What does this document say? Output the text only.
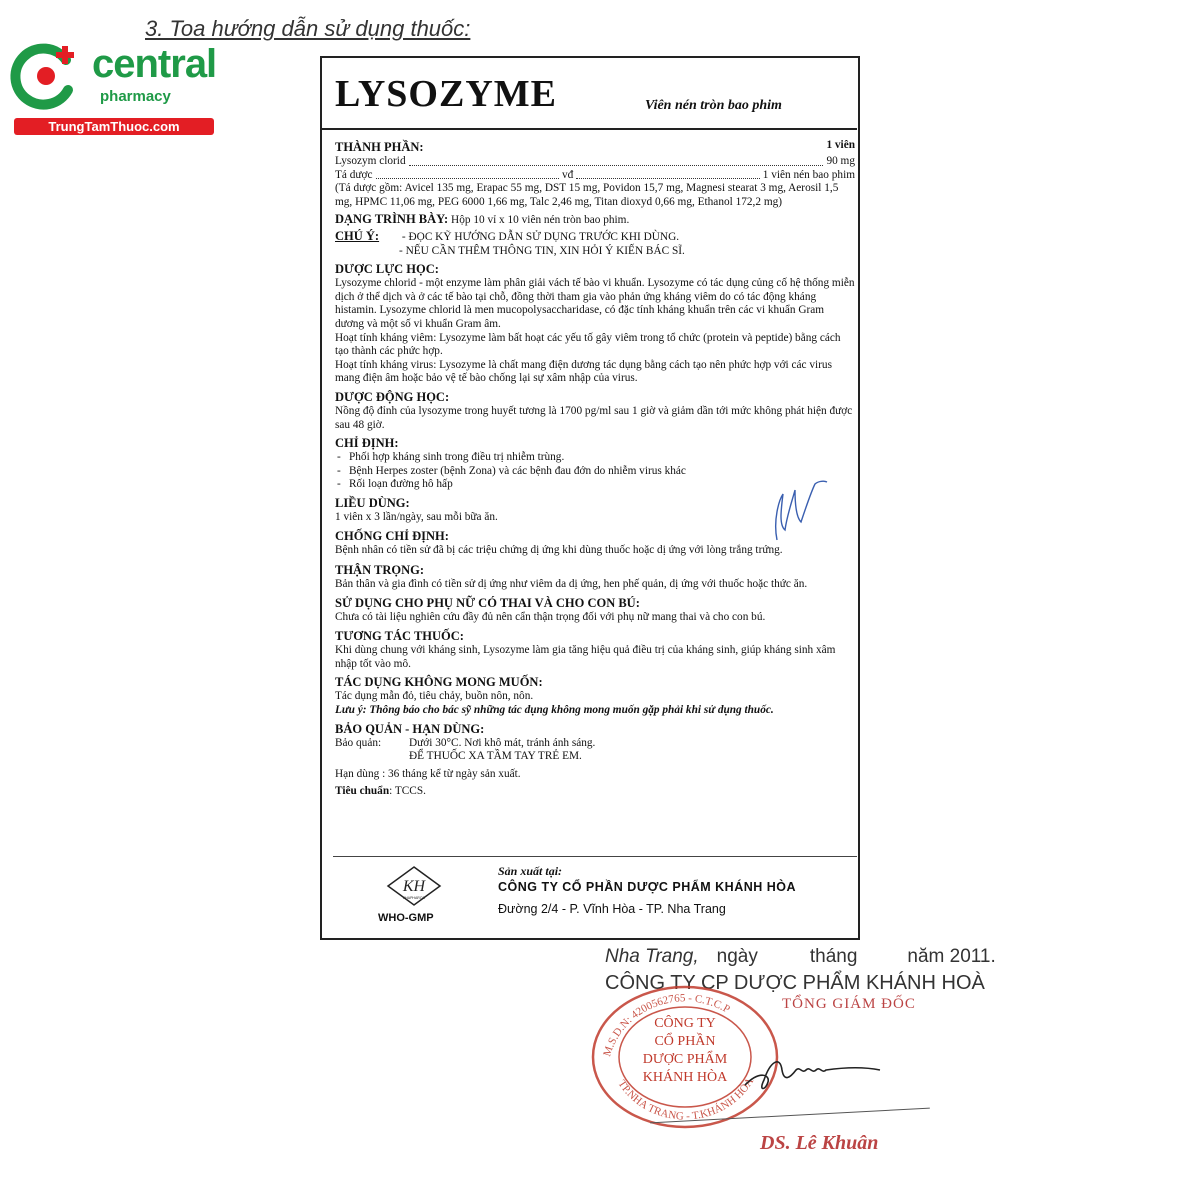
central
pharmacy
TrungTamThuoc.com
3. Toa hướng dẫn sử dụng thuốc:
LYSOZYME	Viên nén tròn bao phim
THÀNH PHẦN:	1 viên
Lysozym clorid	90 mg
Tá dược	vđ	1 viên nén bao phim
(Tá dược gồm: Avicel 135 mg, Erapac 55 mg, DST 15 mg, Povidon 15,7 mg, Magnesi stearat 3 mg, Aerosil 1,5 mg, HPMC 11,06 mg, PEG 6000 1,66 mg, Talc 2,46 mg, Titan dioxyd 0,66 mg, Ethanol 172,2 mg)
DẠNG TRÌNH BÀY: Hộp 10 vỉ x 10 viên nén tròn bao phim.
CHÚ Ý: - ĐỌC KỸ HƯỚNG DẪN SỬ DỤNG TRƯỚC KHI DÙNG.
- NẾU CẦN THÊM THÔNG TIN, XIN HỎI Ý KIẾN BÁC SĨ.
DƯỢC LỰC HỌC:
Lysozyme chlorid - một enzyme làm phân giải vách tế bào vi khuẩn. Lysozyme có tác dụng củng cố hệ thống miễn dịch ở thể dịch và ở các tế bào tại chỗ, đồng thời tham gia vào phản ứng kháng viêm do có tác động kháng histamin. Lysozyme chlorid là men mucopolysaccharidase, có đặc tính kháng khuẩn trên các vi khuẩn Gram dương và một số vi khuẩn Gram âm.
Hoạt tính kháng viêm: Lysozyme làm bất hoạt các yếu tố gây viêm trong tổ chức (protein và peptide) bằng cách tạo thành các phức hợp.
Hoạt tính kháng virus: Lysozyme là chất mang điện dương tác dụng bằng cách tạo nên phức hợp với các virus mang điện âm hoặc bảo vệ tế bào chống lại sự xâm nhập của virus.
DƯỢC ĐỘNG HỌC:
Nồng độ đỉnh của lysozyme trong huyết tương là 1700 pg/ml sau 1 giờ và giảm dần tới mức không phát hiện được sau 48 giờ.
CHỈ ĐỊNH:
- Phối hợp kháng sinh trong điều trị nhiễm trùng.
- Bệnh Herpes zoster (bệnh Zona) và các bệnh đau đớn do nhiễm virus khác
- Rối loạn đường hô hấp
LIỀU DÙNG:
1 viên x 3 lần/ngày, sau mỗi bữa ăn.
CHỐNG CHỈ ĐỊNH:
Bệnh nhân có tiền sử đã bị các triệu chứng dị ứng khi dùng thuốc hoặc dị ứng với lòng trắng trứng.
THẬN TRỌNG:
Bản thân và gia đình có tiền sử dị ứng như viêm da dị ứng, hen phế quản, dị ứng với thuốc hoặc thức ăn.
SỬ DỤNG CHO PHỤ NỮ CÓ THAI VÀ CHO CON BÚ:
Chưa có tài liệu nghiên cứu đầy đủ nên cẩn thận trọng đối với phụ nữ mang thai và cho con bú.
TƯƠNG TÁC THUỐC:
Khi dùng chung với kháng sinh, Lysozyme làm gia tăng hiệu quả điều trị của kháng sinh, giúp kháng sinh xâm nhập tốt vào mô.
TÁC DỤNG KHÔNG MONG MUỐN:
Tác dụng mẫn đỏ, tiêu chảy, buồn nôn, nôn.
Lưu ý: Thông báo cho bác sỹ những tác dụng không mong muốn gặp phải khi sử dụng thuốc.
BẢO QUẢN - HẠN DÙNG:
Bảo quản: Dưới 30°C. Nơi khô mát, tránh ánh sáng.
ĐỂ THUỐC XA TẦM TAY TRẺ EM.
Hạn dùng : 36 tháng kể từ ngày sản xuất.
Tiêu chuẩn: TCCS.
KH
KHAPHARCO
WHO-GMP
Sản xuất tại:
CÔNG TY CỔ PHẦN DƯỢC PHẨM KHÁNH HÒA
Đường 2/4 - P. Vĩnh Hòa - TP. Nha Trang
Nha Trang, ngày	tháng	năm 2011.
CÔNG TY CP DƯỢC PHẨM KHÁNH HOÀ
TỔNG GIÁM ĐỐC
M.S.D.N: 4200562765 - C.T.C.P
TP.NHA TRANG - T.KHÁNH HÒA
CÔNG TY
CỔ PHẦN
DƯỢC PHẨM
KHÁNH HÒA
DS. Lê Khuân
